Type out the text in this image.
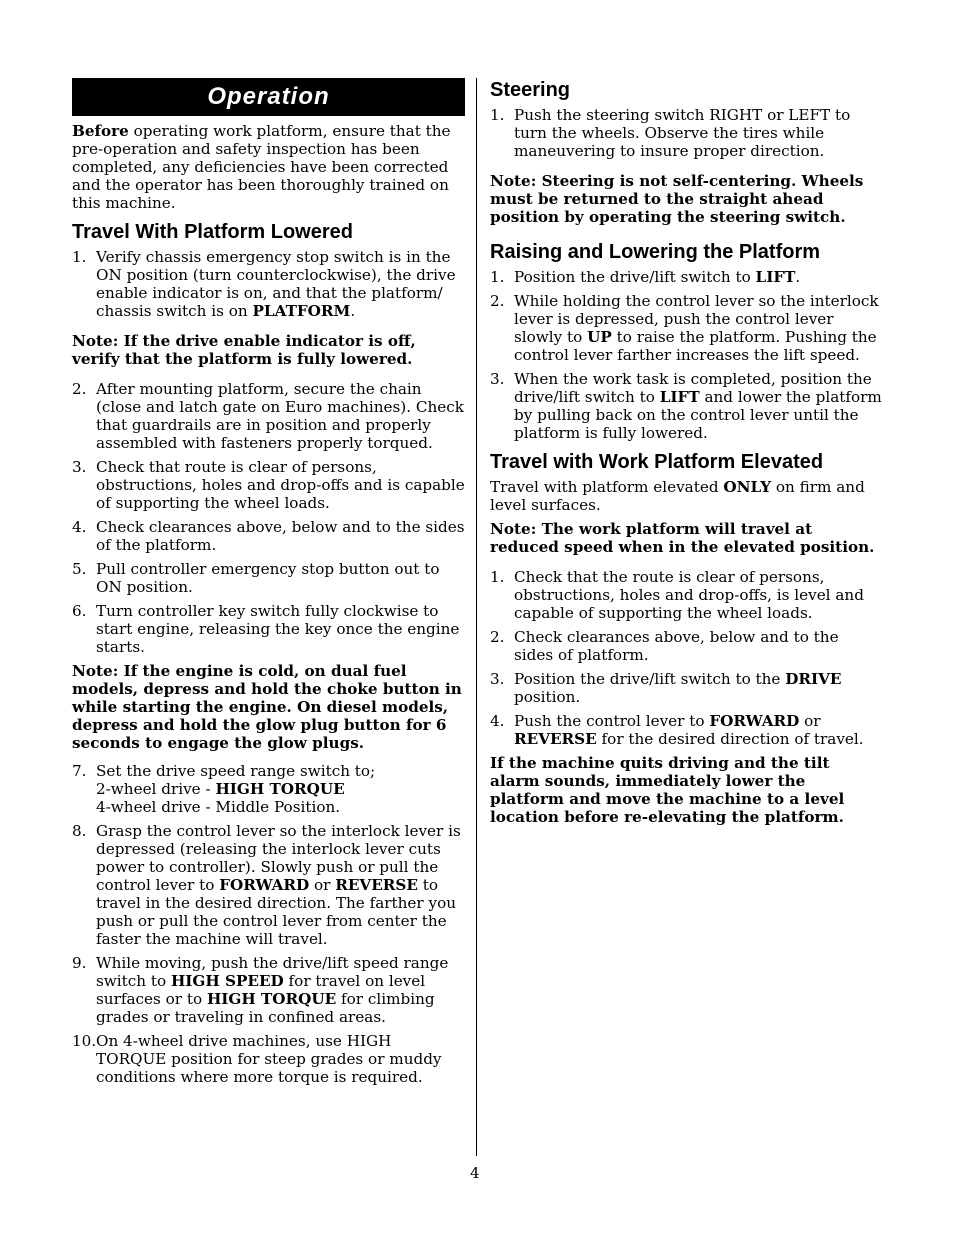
Operation

Before operating work platform, ensure that the pre-operation and safety inspection has been completed, any deficiencies have been corrected and the operator has been thoroughly trained on this machine.

Travel With Platform Lowered
1. Verify chassis emergency stop switch is in the ON position (turn counterclockwise), the drive enable indicator is on, and that the platform/ chassis switch is on PLATFORM.

Note: If the drive enable indicator is off, verify that the platform is fully lowered.

2. After mounting platform, secure the chain (close and latch gate on Euro machines). Check that guardrails are in position and properly assembled with fasteners properly torqued.
3. Check that route is clear of persons, obstructions, holes and drop-offs and is capable of supporting the wheel loads.
4. Check clearances above, below and to the sides of the platform.
5. Pull controller emergency stop button out to ON position.
6. Turn controller key switch fully clockwise to start engine, releasing the key once the engine starts.

Note: If the engine is cold, on dual fuel models, depress and hold the choke button in while starting the engine. On diesel models, depress and hold the glow plug button for 6 seconds to engage the glow plugs.

7. Set the drive speed range switch to;
2-wheel drive - HIGH TORQUE
4-wheel drive - Middle Position.
8. Grasp the control lever so the interlock lever is depressed (releasing the interlock lever cuts power to controller). Slowly push or pull the control lever to FORWARD or REVERSE to travel in the desired direction. The farther you push or pull the control lever from center the faster the machine will travel.
9. While moving, push the drive/lift speed range switch to HIGH SPEED for travel on level surfaces or to HIGH TORQUE for climbing grades or traveling in confined areas.
10. On 4-wheel drive machines, use HIGH TORQUE position for steep grades or muddy conditions where more torque is required.
Steering
1. Push the steering switch RIGHT or LEFT to turn the wheels. Observe the tires while maneuvering to insure proper direction.

Note: Steering is not self-centering. Wheels must be returned to the straight ahead position by operating the steering switch.

Raising and Lowering the Platform
1. Position the drive/lift switch to LIFT.
2. While holding the control lever so the interlock lever is depressed, push the control lever slowly to UP to raise the platform. Pushing the control lever farther increases the lift speed.
3. When the work task is completed, position the drive/lift switch to LIFT and lower the platform by pulling back on the control lever until the platform is fully lowered.
Travel with Work Platform Elevated

Travel with platform elevated ONLY on firm and level surfaces.

Note: The work platform will travel at reduced speed when in the elevated position.

1. Check that the route is clear of persons, obstructions, holes and drop-offs, is level and capable of supporting the wheel loads.
2. Check clearances above, below and to the sides of platform.
3. Position the drive/lift switch to the DRIVE position.
4. Push the control lever to FORWARD or REVERSE for the desired direction of travel.

If the machine quits driving and the tilt alarm sounds, immediately lower the platform and move the machine to a level location before re-elevating the platform.

4
